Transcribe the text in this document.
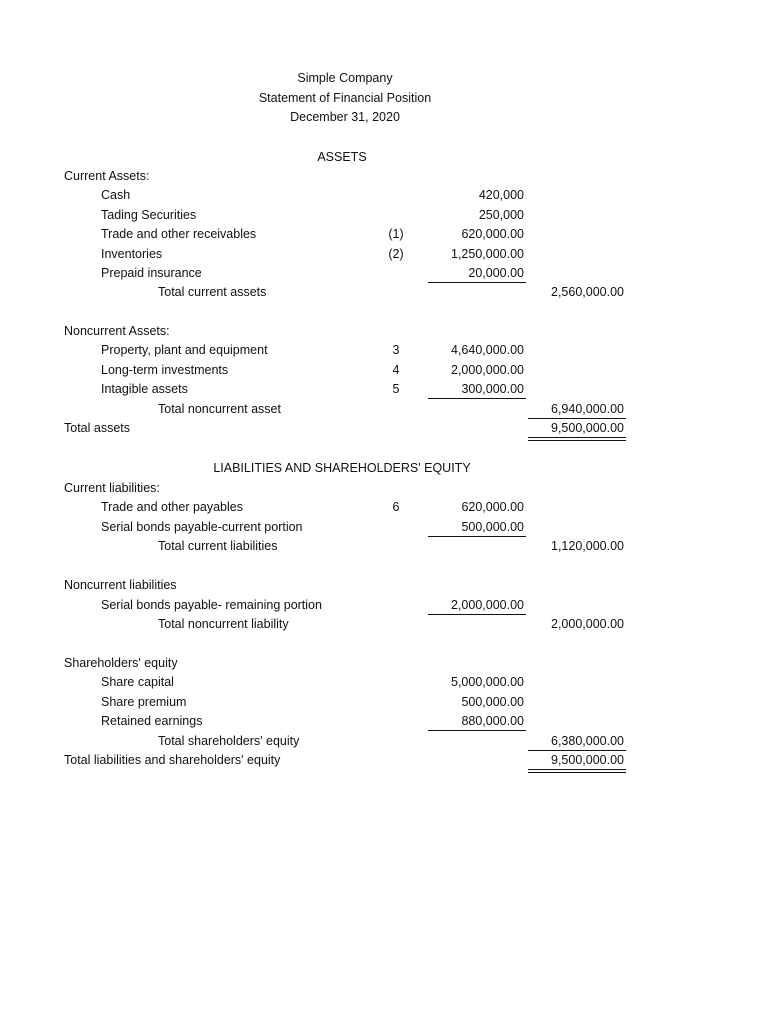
Simple Company
Statement of Financial Position
December 31, 2020
ASSETS
Current Assets:
Cash	420,000
Tading Securities	250,000
Trade and other receivables	(1)	620,000.00
Inventories	(2)	1,250,000.00
Prepaid insurance	20,000.00
Total current assets	2,560,000.00
Noncurrent Assets:
Property, plant and equipment	3	4,640,000.00
Long-term investments	4	2,000,000.00
Intagible assets	5	300,000.00
Total noncurrent asset	6,940,000.00
Total assets	9,500,000.00
LIABILITIES AND SHAREHOLDERS' EQUITY
Current liabilities:
Trade and other payables	6	620,000.00
Serial bonds payable-current portion	500,000.00
Total current liabilities	1,120,000.00
Noncurrent liabilities
Serial bonds payable- remaining portion	2,000,000.00
Total noncurrent liability	2,000,000.00
Shareholders' equity
Share capital	5,000,000.00
Share premium	500,000.00
Retained earnings	880,000.00
Total shareholders' equity	6,380,000.00
Total liabilities and shareholders' equity	9,500,000.00
